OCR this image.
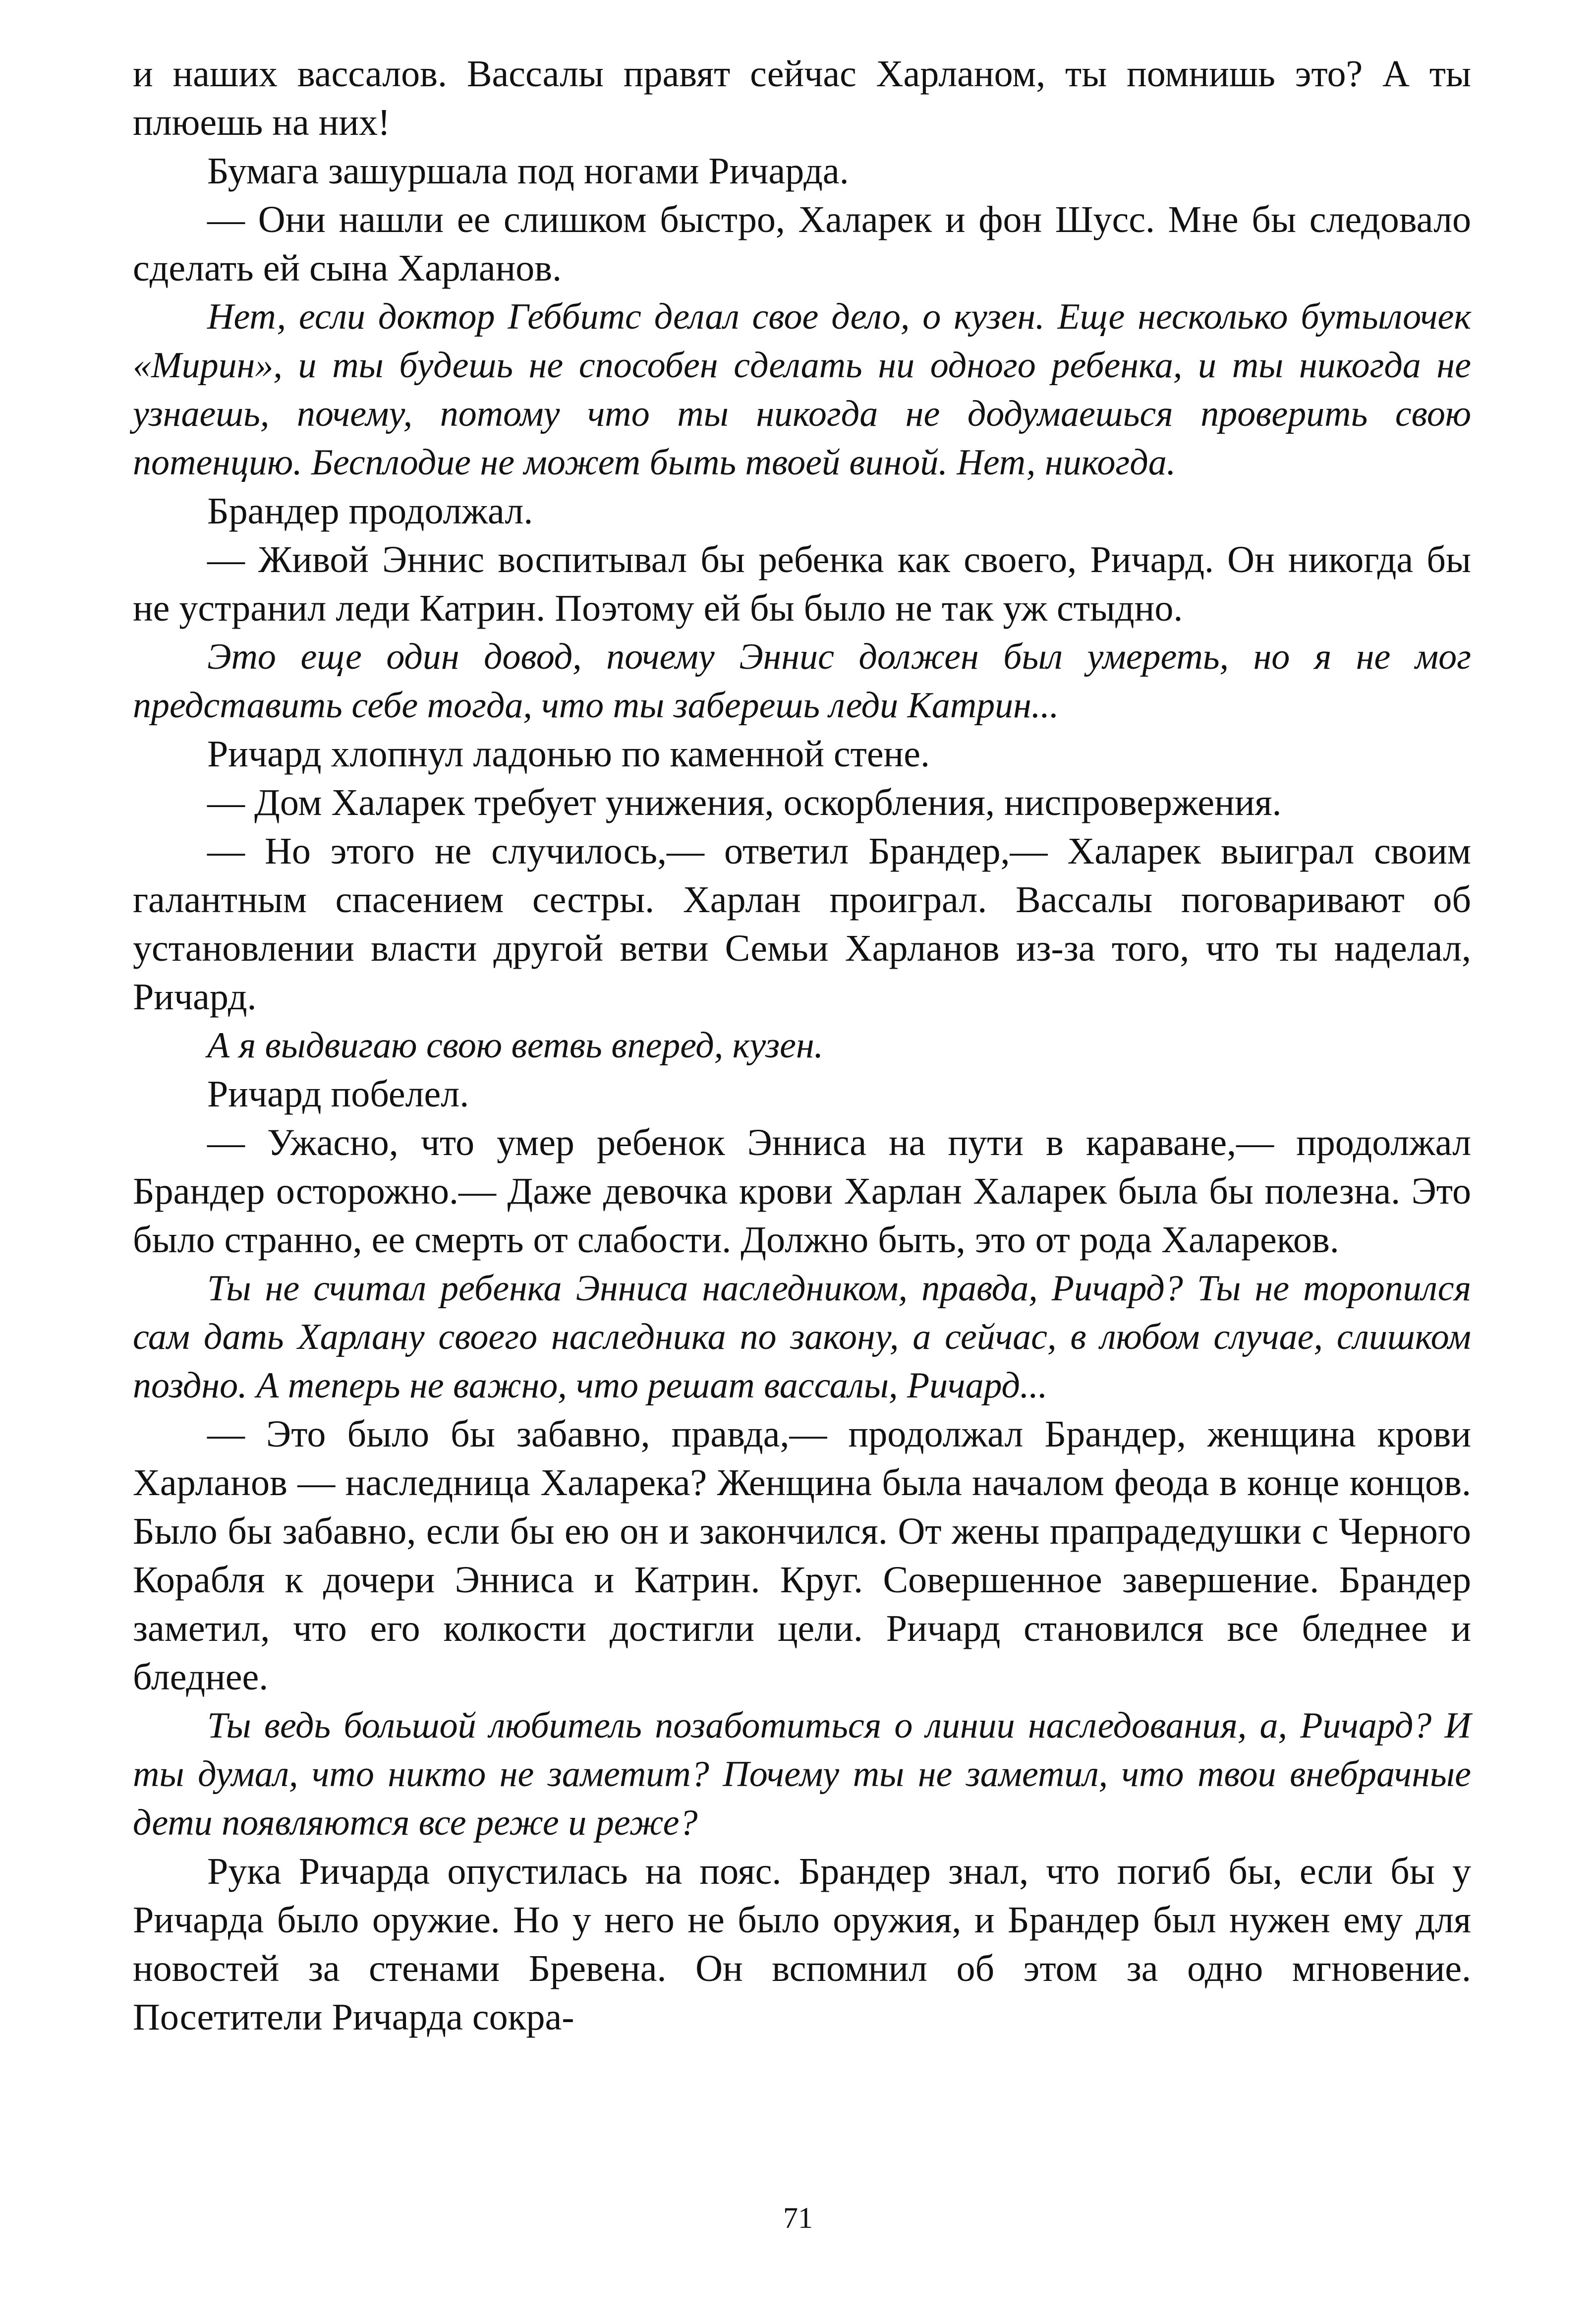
и наших вассалов. Вассалы правят сейчас Харланом, ты помнишь это? А ты плюешь на них!

Бумага зашуршала под ногами Ричарда.

— Они нашли ее слишком быстро, Халарек и фон Шусс. Мне бы следовало сделать ей сына Харланов.

Нет, если доктор Геббитс делал свое дело, о кузен. Еще несколько бутылочек «Мирин», и ты будешь не способен сделать ни одного ребенка, и ты никогда не узнаешь, почему, потому что ты никогда не додумаешься проверить свою потенцию. Бесплодие не может быть твоей виной. Нет, никогда.

Брандер продолжал.

— Живой Эннис воспитывал бы ребенка как своего, Ричард. Он никогда бы не устранил леди Катрин. Поэтому ей бы было не так уж стыдно.

Это еще один довод, почему Эннис должен был умереть, но я не мог представить себе тогда, что ты заберешь леди Катрин...

Ричард хлопнул ладонью по каменной стене.

— Дом Халарек требует унижения, оскорбления, ниспровержения.

— Но этого не случилось,— ответил Брандер,— Халарек выиграл своим галантным спасением сестры. Харлан проиграл. Вассалы поговаривают об установлении власти другой ветви Семьи Харланов из-за того, что ты наделал, Ричард.

А я выдвигаю свою ветвь вперед, кузен.

Ричард побелел.

— Ужасно, что умер ребенок Энниса на пути в караване,— продолжал Брандер осторожно.— Даже девочка крови Харлан Халарек была бы полезна. Это было странно, ее смерть от слабости. Должно быть, это от рода Халареков.

Ты не считал ребенка Энниса наследником, правда, Ричард? Ты не торопился сам дать Харлану своего наследника по закону, а сейчас, в любом случае, слишком поздно. А теперь не важно, что решат вассалы, Ричард...

— Это было бы забавно, правда,— продолжал Брандер, женщина крови Харланов — наследница Халарека? Женщина была началом феода в конце концов. Было бы забавно, если бы ею он и закончился. От жены прапрадедушки с Черного Корабля к дочери Энниса и Катрин. Круг. Совершенное завершение. Брандер заметил, что его колкости достигли цели. Ричард становился все бледнее и бледнее.

Ты ведь большой любитель позаботиться о линии наследования, а, Ричард? И ты думал, что никто не заметит? Почему ты не заметил, что твои внебрачные дети появляются все реже и реже?

Рука Ричарда опустилась на пояс. Брандер знал, что погиб бы, если бы у Ричарда было оружие. Но у него не было оружия, и Брандер был нужен ему для новостей за стенами Бревена. Он вспомнил об этом за одно мгновение. Посетители Ричарда сокра-

71
